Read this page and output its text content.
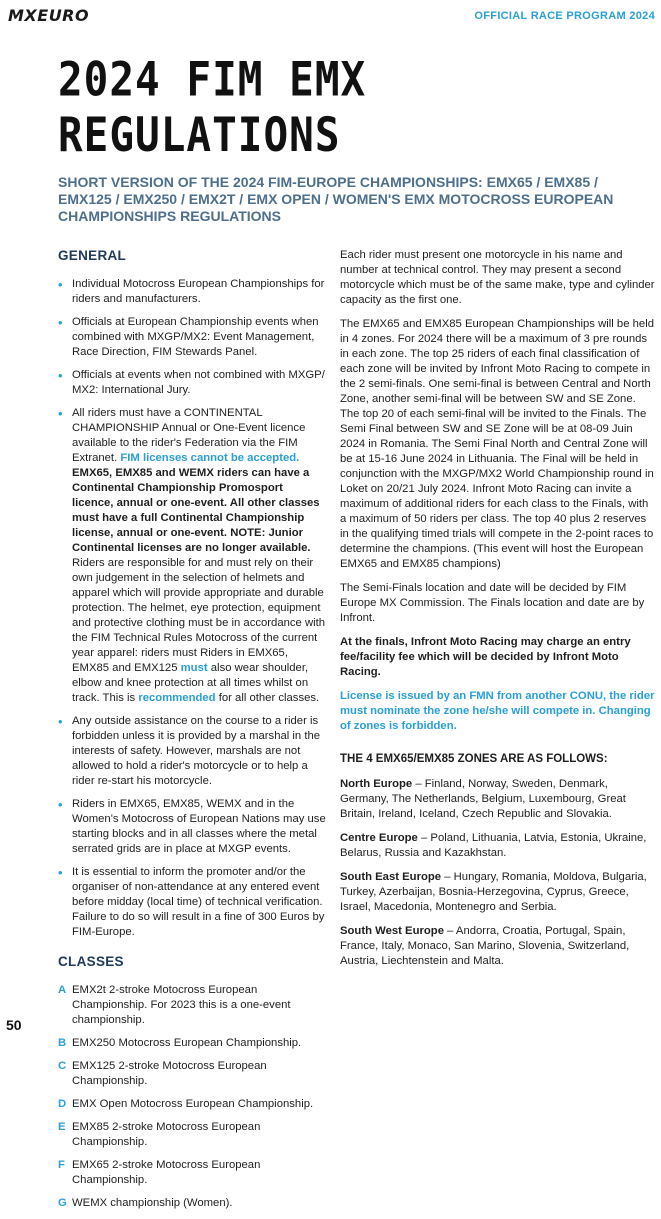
MXEURO	OFFICIAL RACE PROGRAM 2024
2024 FIM EMX REGULATIONS
SHORT VERSION OF THE 2024 FIM-EUROPE CHAMPIONSHIPS: EMX65 / EMX85 / EMX125 / EMX250 / EMX2T / EMX OPEN / WOMEN'S EMX MOTOCROSS EUROPEAN CHAMPIONSHIPS REGULATIONS
GENERAL
• Individual Motocross European Championships for riders and manufacturers.
• Officials at European Championship events when combined with MXGP/MX2: Event Management, Race Direction, FIM Stewards Panel.
• Officials at events when not combined with MXGP/ MX2: International Jury.
• All riders must have a CONTINENTAL CHAMPIONSHIP Annual or One-Event licence available to the rider's Federation via the FIM Extranet. FIM licenses cannot be accepted. EMX65, EMX85 and WEMX riders can have a Continental Championship Promosport licence, annual or one-event. All other classes must have a full Continental Championship license, annual or one-event. NOTE: Junior Continental licenses are no longer available.
Riders are responsible for and must rely on their own judgement in the selection of helmets and apparel which will provide appropriate and durable protection. The helmet, eye protection, equipment and protective clothing must be in accordance with the FIM Technical Rules Motocross of the current year apparel: riders must Riders in EMX65, EMX85 and EMX125 must also wear shoulder, elbow and knee protection at all times whilst on track. This is recommended for all other classes.
• Any outside assistance on the course to a rider is forbidden unless it is provided by a marshal in the interests of safety. However, marshals are not allowed to hold a rider's motorcycle or to help a rider re-start his motorcycle.
• Riders in EMX65, EMX85, WEMX and in the Women's Motocross of European Nations may use starting blocks and in all classes where the metal serrated grids are in place at MXGP events.
• It is essential to inform the promoter and/or the organiser of non-attendance at any entered event before midday (local time) of technical verification. Failure to do so will result in a fine of 300 Euros by FIM-Europe.
CLASSES
A EMX2t 2-stroke Motocross European Championship. For 2023 this is a one-event championship.
B EMX250 Motocross European Championship.
C EMX125 2-stroke Motocross European Championship.
D EMX Open Motocross European Championship.
E EMX85 2-stroke Motocross European Championship.
F EMX65 2-stroke Motocross European Championship.
G WEMX championship (Women).

Each rider must present one motorcycle in his name and number at technical control. They may present a second motorcycle which must be of the same make, type and cylinder capacity as the first one.

The EMX65 and EMX85 European Championships will be held in 4 zones. For 2024 there will be a maximum of 3 pre rounds in each zone. The top 25 riders of each final classification of each zone will be invited by Infront Moto Racing to compete in the 2 semi-finals. One semi-final is between Central and North Zone, another semi-final will be between SW and SE Zone. The top 20 of each semi-final will be invited to the Finals. The Semi Final between SW and SE Zone will be at 08-09 Juin 2024 in Romania. The Semi Final North and Central Zone will be at 15-16 June 2024 in Lithuania. The Final will be held in conjunction with the MXGP/MX2 World Championship round in Loket on 20/21 July 2024. Infront Moto Racing can invite a maximum of additional riders for each class to the Finals, with a maximum of 50 riders per class. The top 40 plus 2 reserves in the qualifying timed trials will compete in the 2-point races to determine the champions. (This event will host the European EMX65 and EMX85 champions)

The Semi-Finals location and date will be decided by FIM Europe MX Commission. The Finals location and date are by Infront.

At the finals, Infront Moto Racing may charge an entry fee/facility fee which will be decided by Infront Moto Racing.

License is issued by an FMN from another CONU, the rider must nominate the zone he/she will compete in. Changing of zones is forbidden.

THE 4 EMX65/EMX85 ZONES ARE AS FOLLOWS:
North Europe – Finland, Norway, Sweden, Denmark, Germany, The Netherlands, Belgium, Luxembourg, Great Britain, Ireland, Iceland, Czech Republic and Slovakia.
Centre Europe – Poland, Lithuania, Latvia, Estonia, Ukraine, Belarus, Russia and Kazakhstan.
South East Europe – Hungary, Romania, Moldova, Bulgaria, Turkey, Azerbaijan, Bosnia-Herzegovina, Cyprus, Greece, Israel, Macedonia, Montenegro and Serbia.
South West Europe – Andorra, Croatia, Portugal, Spain, France, Italy, Monaco, San Marino, Slovenia, Switzerland, Austria, Liechtenstein and Malta.
50
